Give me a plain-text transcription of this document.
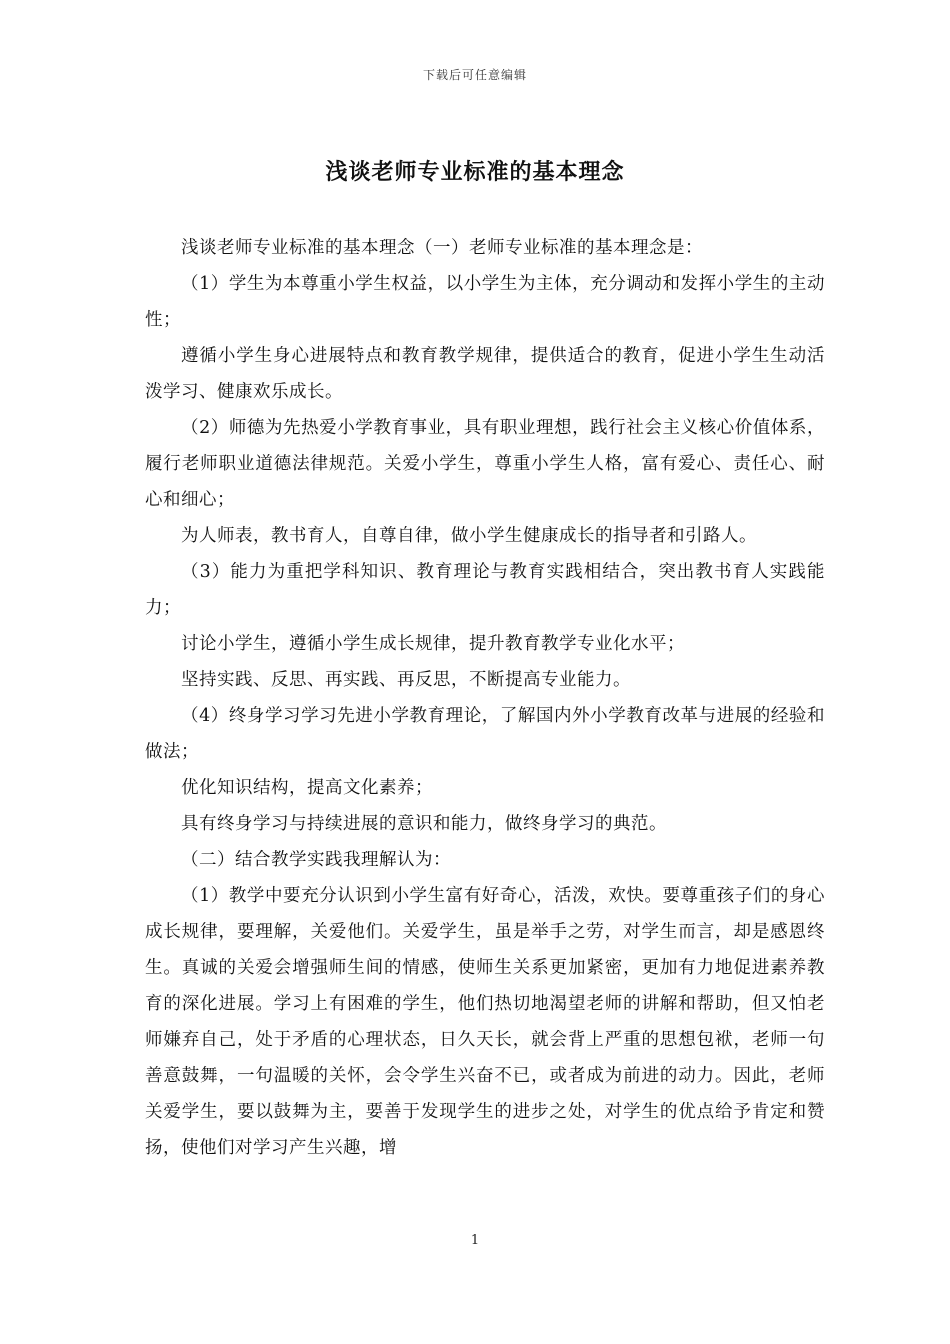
下载后可任意编辑
浅谈老师专业标准的基本理念

浅谈老师专业标准的基本理念（一）老师专业标准的基本理念是：

（1）学生为本尊重小学生权益，以小学生为主体，充分调动和发挥小学生的主动性；

遵循小学生身心进展特点和教育教学规律，提供适合的教育，促进小学生生动活泼学习、健康欢乐成长。

（2）师德为先热爱小学教育事业，具有职业理想，践行社会主义核心价值体系，履行老师职业道德法律规范。关爱小学生，尊重小学生人格，富有爱心、责任心、耐心和细心；

为人师表，教书育人，自尊自律，做小学生健康成长的指导者和引路人。

（3）能力为重把学科知识、教育理论与教育实践相结合，突出教书育人实践能力；

讨论小学生，遵循小学生成长规律，提升教育教学专业化水平；

坚持实践、反思、再实践、再反思，不断提高专业能力。

（4）终身学习学习先进小学教育理论，了解国内外小学教育改革与进展的经验和做法；

优化知识结构，提高文化素养；

具有终身学习与持续进展的意识和能力，做终身学习的典范。

（二）结合教学实践我理解认为：

（1）教学中要充分认识到小学生富有好奇心，活泼，欢快。要尊重孩子们的身心成长规律，要理解，关爱他们。关爱学生，虽是举手之劳，对学生而言，却是感恩终生。真诚的关爱会增强师生间的情感，使师生关系更加紧密，更加有力地促进素养教育的深化进展。学习上有困难的学生，他们热切地渴望老师的讲解和帮助，但又怕老师嫌弃自己，处于矛盾的心理状态，日久天长，就会背上严重的思想包袱，老师一句善意鼓舞，一句温暖的关怀，会令学生兴奋不已，或者成为前进的动力。因此，老师关爱学生，要以鼓舞为主，要善于发现学生的进步之处，对学生的优点给予肯定和赞扬，使他们对学习产生兴趣，增

1
